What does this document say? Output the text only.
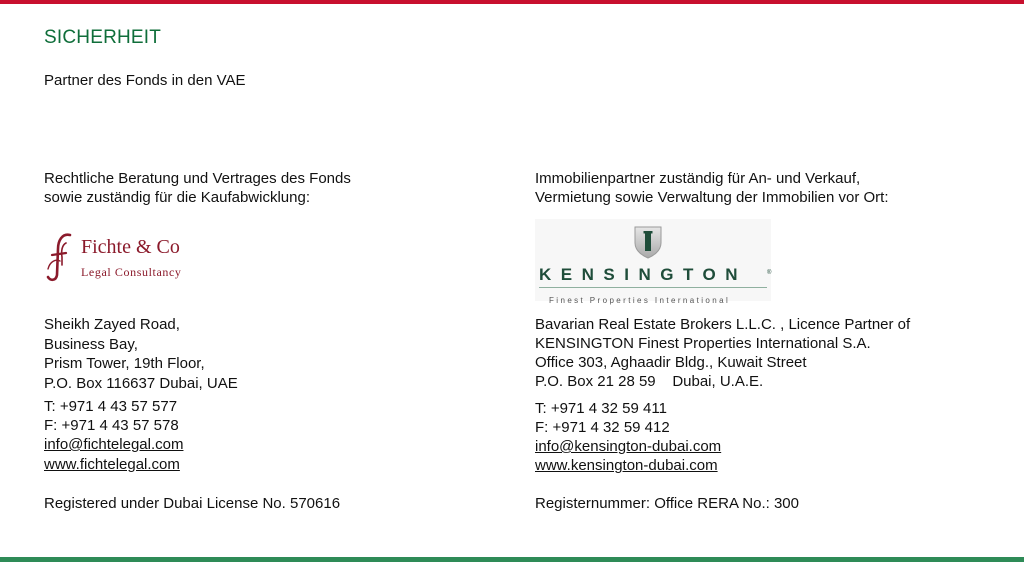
SICHERHEIT
Partner des Fonds in den VAE
Rechtliche Beratung und Vertrages des Fonds
sowie zuständig für die Kaufabwicklung:
Fichte & Co
Legal Consultancy
Sheikh Zayed Road,
Business Bay,
Prism Tower, 19th Floor,
P.O. Box 116637 Dubai, UAE
T: +971 4 43 57 577
F: +971 4 43 57 578
info@fichtelegal.com
www.fichtelegal.com
Immobilienpartner zuständig für An- und Verkauf,
Vermietung sowie Verwaltung der Immobilien vor Ort:
KENSINGTON	®
Finest Properties International
Bavarian Real Estate Brokers L.L.C. , Licence Partner of
KENSINGTON Finest Properties International S.A.
Office 303, Aghaadir Bldg., Kuwait Street
P.O. Box 21 28 59    Dubai, U.A.E.
T: +971 4 32 59 411
F: +971 4 32 59 412
info@kensington-dubai.com
www.kensington-dubai.com
Registered under Dubai License No. 570616	Registernummer: Office RERA No.: 300
